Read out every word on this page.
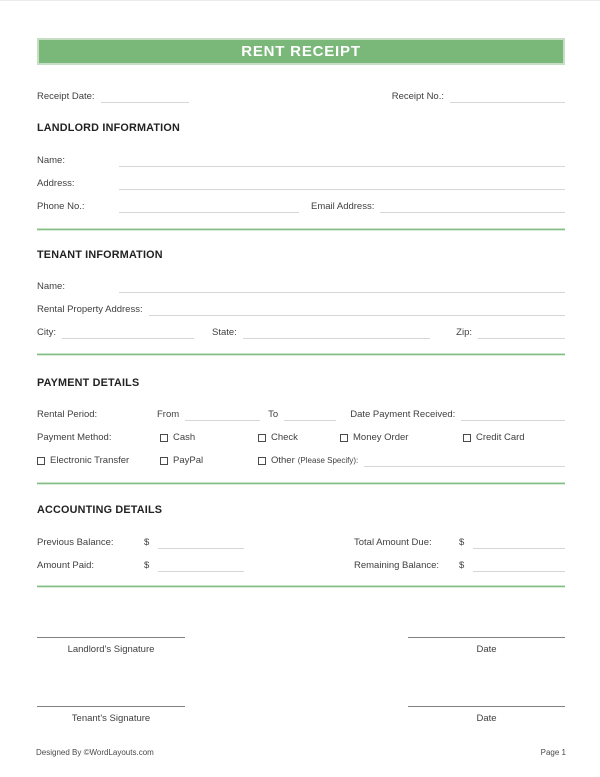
RENT RECEIPT
Receipt Date:	Receipt No.:
LANDLORD INFORMATION
Name:
Address:
Phone No.:	Email Address:
TENANT INFORMATION
Name:
Rental Property Address:
City:	State:	Zip:
PAYMENT DETAILS
Rental Period:	From	To	Date Payment Received:
Payment Method:	Cash	Check	Money Order	Credit Card
Electronic Transfer	PayPal	Other (Please Specify):
ACCOUNTING DETAILS
Previous Balance:	$	Total Amount Due:	$
Amount Paid:	$	Remaining Balance:	$
Landlord's Signature	Date
Tenant's Signature	Date
Designed By ©WordLayouts.com	Page 1
